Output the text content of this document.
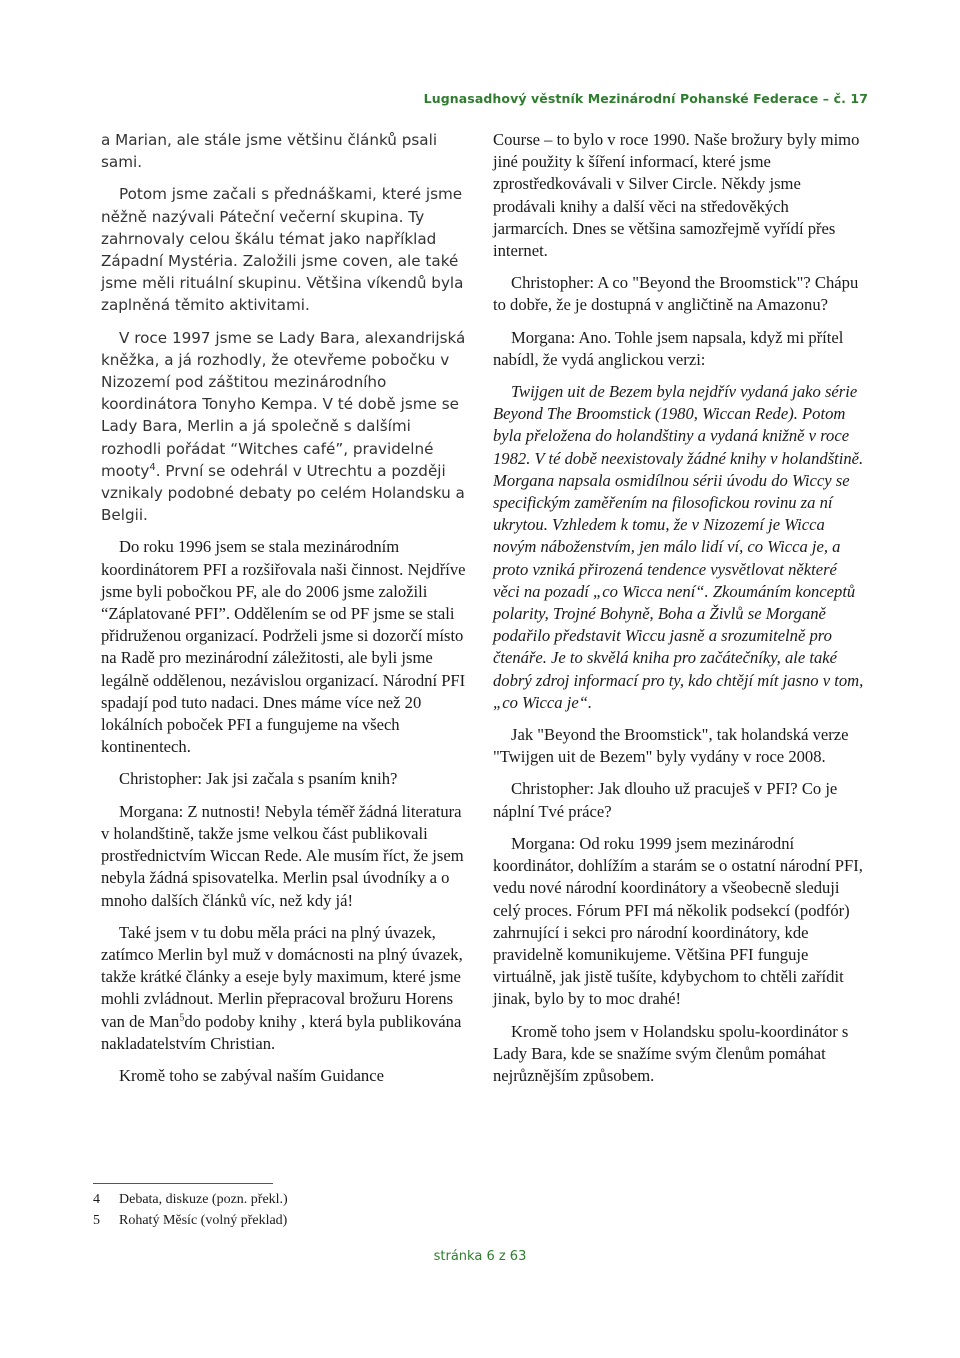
Lugnasadhový věstník Mezinárodní Pohanské Federace – č. 17

a Marian, ale stále jsme většinu článků psali sami.

Potom jsme začali s přednáškami, které jsme něžně nazývali Páteční večerní skupina. Ty zahrnovaly celou škálu témat jako například Západní Mystéria. Založili jsme coven, ale také jsme měli rituální skupinu. Většina víkendů byla zaplněná těmito aktivitami.

V roce 1997 jsme se Lady Bara, alexandrijská kněžka, a já rozhodly, že otevřeme pobočku v Nizozemí pod záštitou mezinárodního koordinátora Tonyho Kempa. V té době jsme se Lady Bara, Merlin a já společně s dalšími rozhodli pořádat “Witches café”, pravidelné mooty$^4$. První se odehrál v Utrechtu a později vznikaly podobné debaty po celém Holandsku a Belgii.

Do roku 1996 jsem se stala mezinárodním koordinátorem PFI a rozšiřovala naši činnost. Nejdříve jsme byli pobočkou PF, ale do 2006 jsme založili “Záplatované PFI”. Oddělením se od PF jsme se stali přidruženou organizací. Podrželi jsme si dozorčí místo na Radě pro mezinárodní záležitosti, ale byli jsme legálně oddělenou, nezávislou organizací. Národní PFI spadají pod tuto nadaci. Dnes máme více než 20 lokálních poboček PFI a fungujeme na všech kontinentech.

Christopher: Jak jsi začala s psaním knih?

Morgana: Z nutnosti! Nebyla téměř žádná literatura v holandštině, takže jsme velkou část publikovali prostřednictvím Wiccan Rede. Ale musím říct, že jsem nebyla žádná spisovatelka. Merlin psal úvodníky a o mnoho dalších článků víc, než kdy já!

Také jsem v tu dobu měla práci na plný úvazek, zatímco Merlin byl muž v domácnosti na plný úvazek, takže krátké články a eseje byly maximum, které jsme mohli zvládnout. Merlin přepracoval brožuru Horens van de Man$^5$do podoby knihy , která byla publikována nakladatelstvím Christian.

Kromě toho se zabýval naším Guidance

4	Debata, diskuze (pozn. překl.)
5	Rohatý Měsíc (volný překlad)

Course – to bylo v roce 1990. Naše brožury byly mimo jiné použity k šíření informací, které jsme zprostředkovávali v Silver Circle. Někdy jsme prodávali knihy a další věci na středověkých jarmarcích. Dnes se většina samozřejmě vyřídí přes internet.

Christopher: A co "Beyond the Broomstick"? Chápu to dobře, že je dostupná v angličtině na Amazonu?

Morgana: Ano. Tohle jsem napsala, když mi přítel nabídl, že vydá anglickou verzi:

Twijgen uit de Bezem byla nejdřív vydaná jako série Beyond The Broomstick (1980, Wiccan Rede). Potom byla přeložena do holandštiny a vydaná knižně v roce 1982. V té době neexistovaly žádné knihy v holandštině. Morgana napsala osmidílnou sérii úvodu do Wiccy se specifickým zaměřením na filosofickou rovinu za ní ukrytou. Vzhledem k tomu, že v Nizozemí je Wicca novým náboženstvím, jen málo lidí ví, co Wicca je, a proto vzniká přirozená tendence vysvětlovat některé věci na pozadí „co Wicca není“. Zkoumáním konceptů polarity, Trojné Bohyně, Boha a Živlů se Morganě podařilo představit Wiccu jasně a srozumitelně pro čtenáře. Je to skvělá kniha pro začátečníky, ale také dobrý zdroj informací pro ty, kdo chtějí mít jasno v tom, „co Wicca je“.

Jak "Beyond the Broomstick", tak holandská verze "Twijgen uit de Bezem" byly vydány v roce 2008.

Christopher: Jak dlouho už pracuješ v PFI? Co je náplní Tvé práce?

Morgana: Od roku 1999 jsem mezinárodní koordinátor, dohlížím a starám se o ostatní národní PFI, vedu nové národní koordinátory a všeobecně sleduji celý proces. Fórum PFI má několik podsekcí (podfór) zahrnující i sekci pro národní koordinátory, kde pravidelně komunikujeme. Většina PFI funguje virtuálně, jak jistě tušíte, kdybychom to chtěli zařídit jinak, bylo by to moc drahé!

Kromě toho jsem v Holandsku spolu-koordinátor s Lady Bara, kde se snažíme svým členům pomáhat nejrůznějším způsobem.

stránka 6 z 63
